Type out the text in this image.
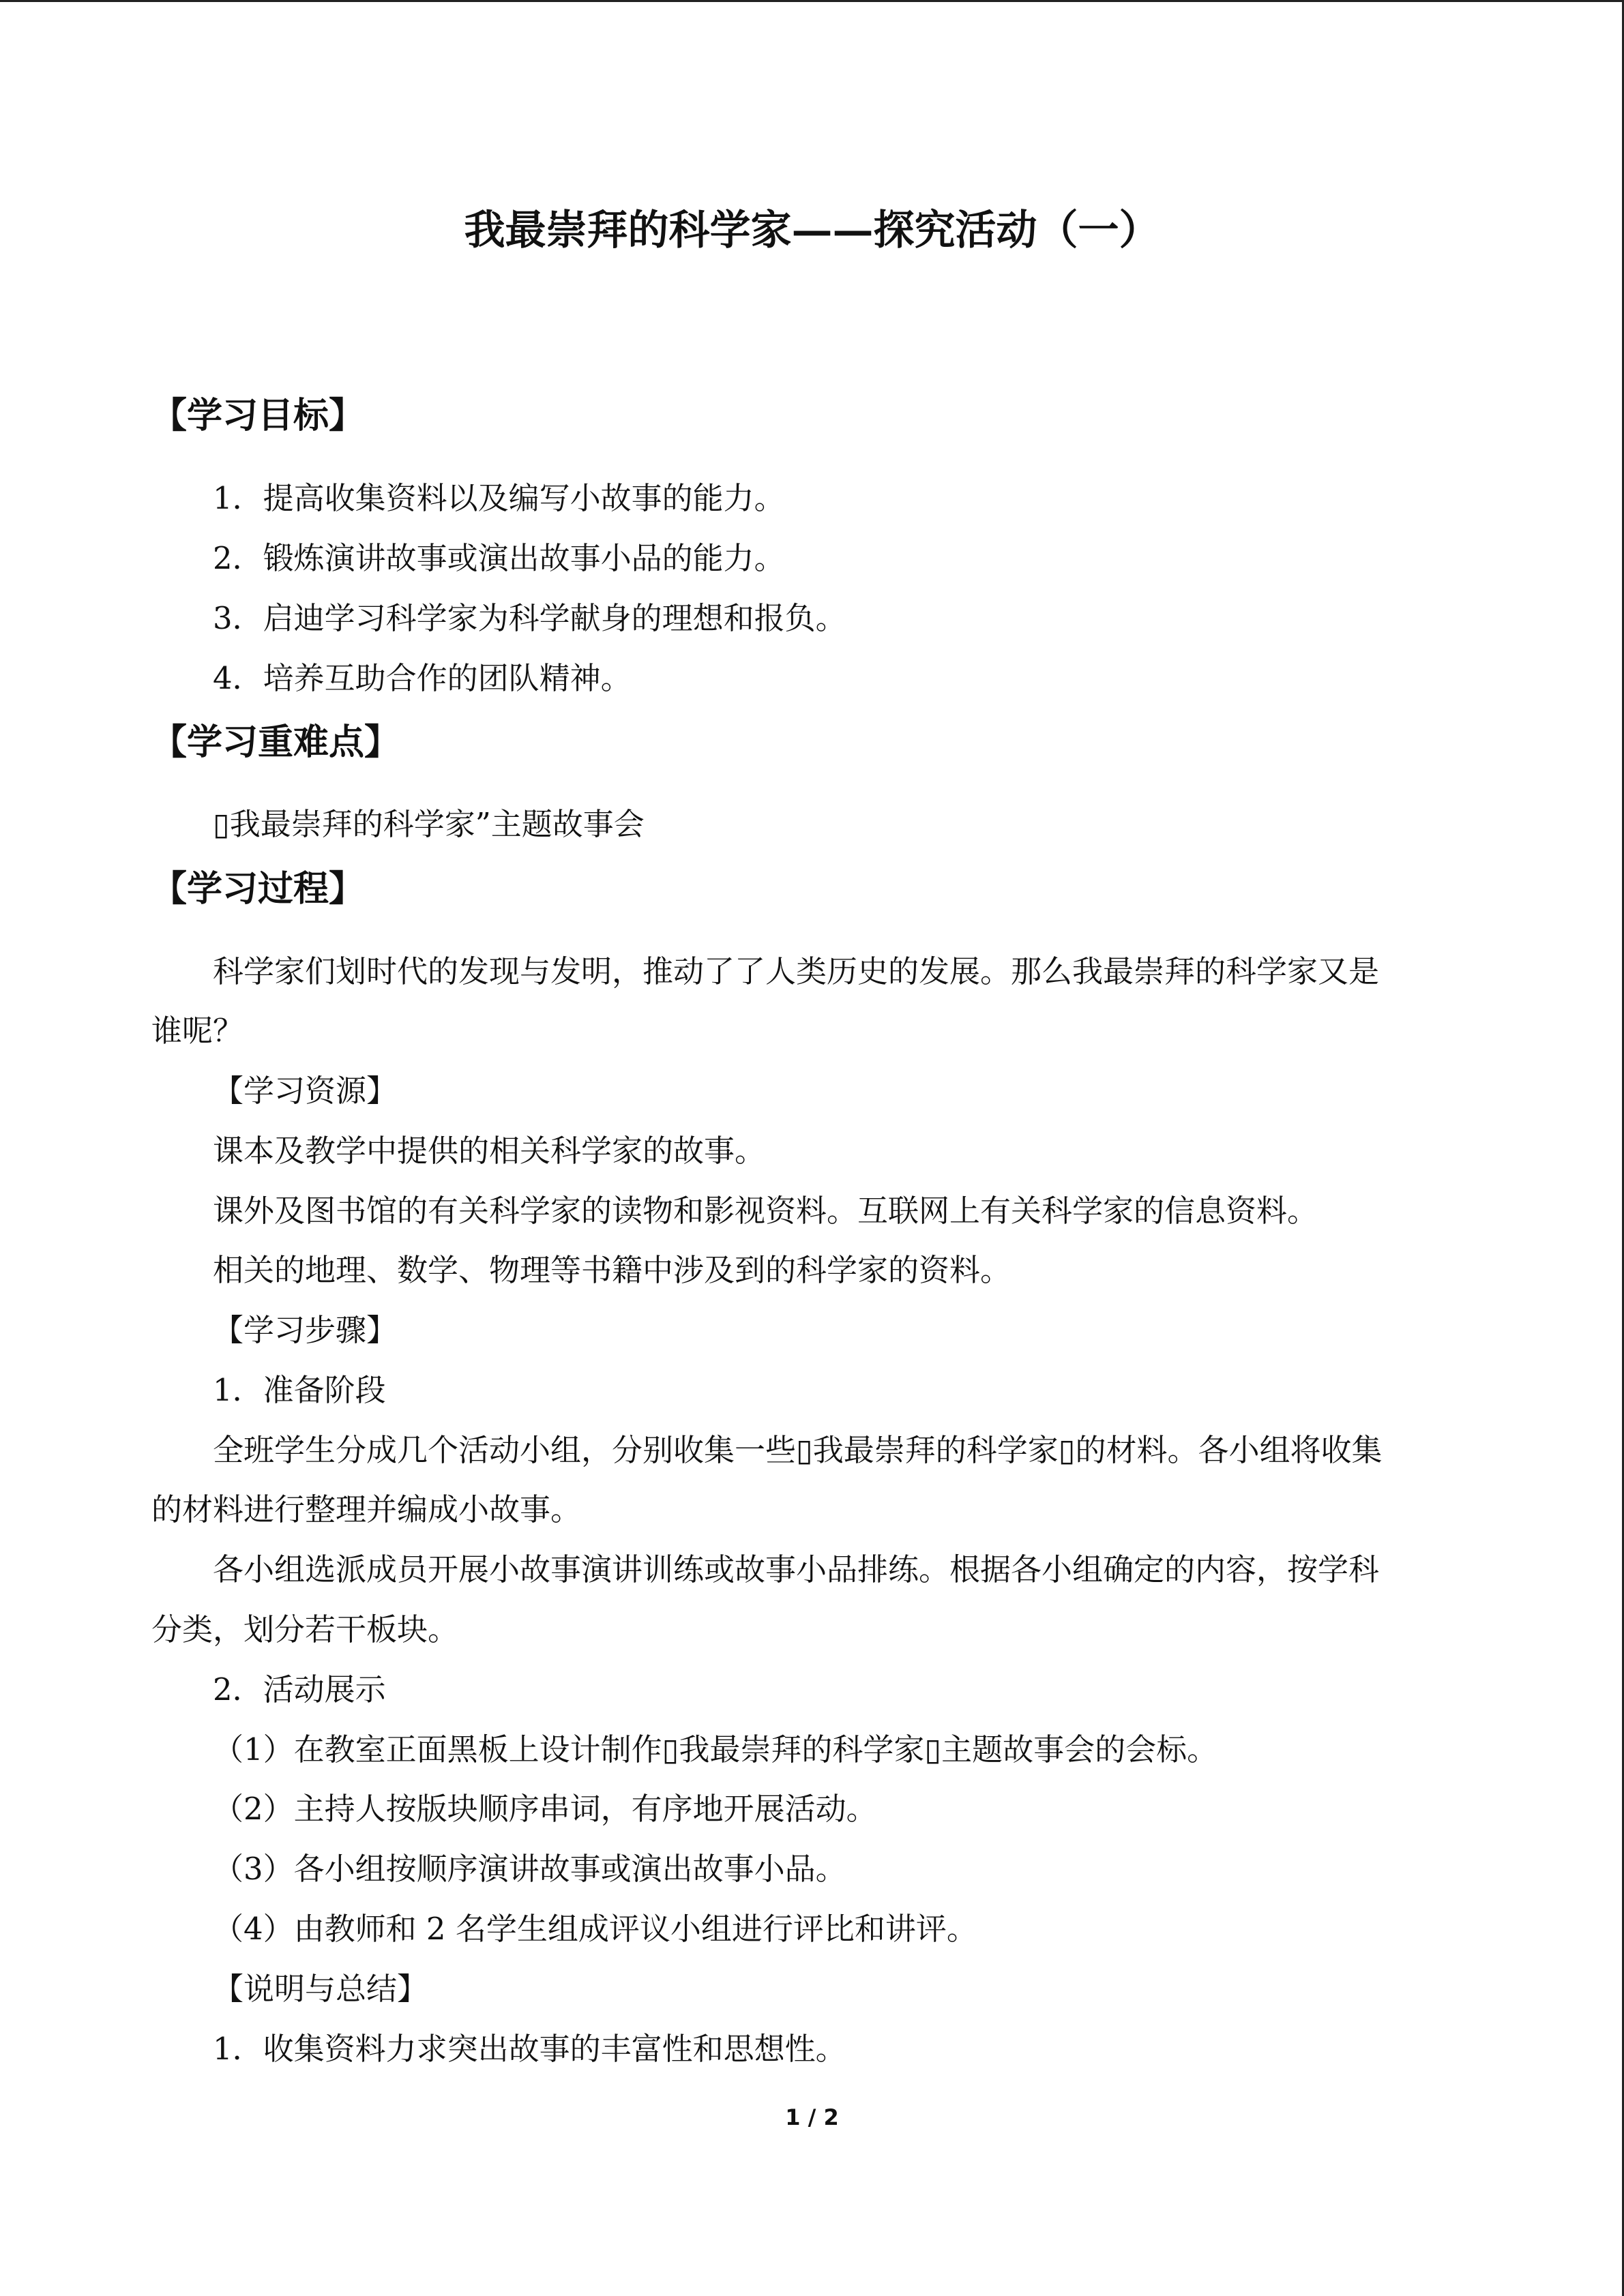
我最崇拜的科学家——探究活动（一）
【学习目标】
1．提高收集资料以及编写小故事的能力。
2．锻炼演讲故事或演出故事小品的能力。
3．启迪学习科学家为科学献身的理想和报负。
4．培养互助合作的团队精神。
【学习重难点】
▯我最崇拜的科学家”主题故事会
【学习过程】
科学家们划时代的发现与发明，推动了了人类历史的发展。那么我最崇拜的科学家又是
谁呢？
【学习资源】
课本及教学中提供的相关科学家的故事。
课外及图书馆的有关科学家的读物和影视资料。互联网上有关科学家的信息资料。
相关的地理、数学、物理等书籍中涉及到的科学家的资料。
【学习步骤】
1．准备阶段
全班学生分成几个活动小组，分别收集一些▯我最崇拜的科学家▯的材料。各小组将收集
的材料进行整理并编成小故事。
各小组选派成员开展小故事演讲训练或故事小品排练。根据各小组确定的内容，按学科
分类，划分若干板块。
2．活动展示
（1）在教室正面黑板上设计制作▯我最崇拜的科学家▯主题故事会的会标。
（2）主持人按版块顺序串词，有序地开展活动。
（3）各小组按顺序演讲故事或演出故事小品。
（4）由教师和 2 名学生组成评议小组进行评比和讲评。
【说明与总结】
1．收集资料力求突出故事的丰富性和思想性。
1 / 2
